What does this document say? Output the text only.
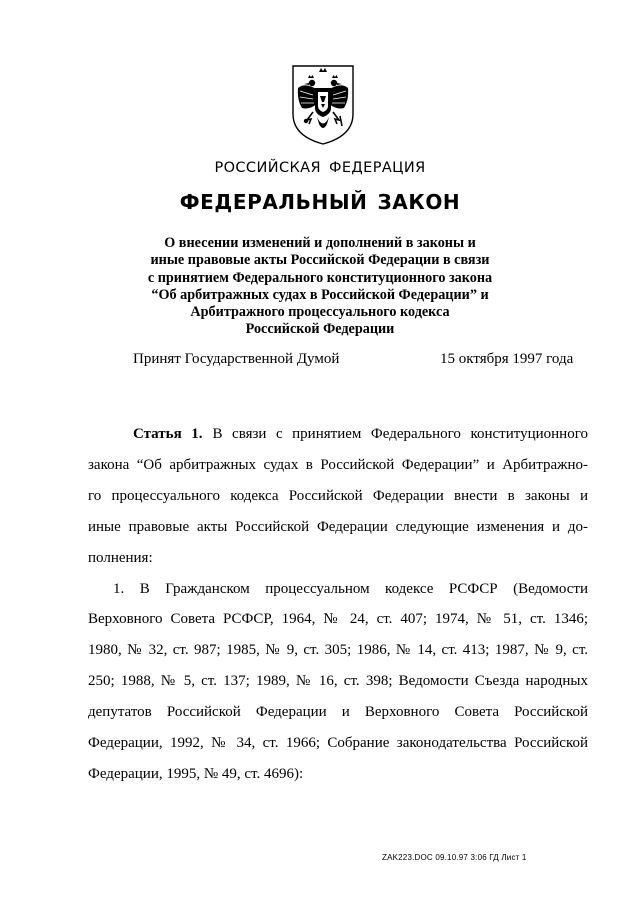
РОССИЙСКАЯ ФЕДЕРАЦИЯ
ФЕДЕРАЛЬНЫЙ ЗАКОН
О внесении изменений и дополнений в законы и
иные правовые акты Российской Федерации в связи
с принятием Федерального конституционного закона
“Об арбитражных судах в Российской Федерации” и
Арбитражного процессуального кодекса
Российской Федерации
Принят Государственной Думой	15 октября 1997 года

Статья 1. В связи с принятием Федерального конституционного
закона “Об арбитражных судах в Российской Федерации” и Арбитражно-
го процессуального кодекса Российской Федерации внести в законы и
иные правовые акты Российской Федерации следующие изменения и до-
полнения:

1. В Гражданском процессуальном кодексе РСФСР (Ведомости
Верховного Совета РСФСР, 1964, № 24, ст. 407; 1974, № 51, ст. 1346;
1980, № 32, ст. 987; 1985, № 9, ст. 305; 1986, № 14, ст. 413; 1987, № 9, ст.
250; 1988, № 5, ст. 137; 1989, № 16, ст. 398; Ведомости Съезда народных
депутатов Российской Федерации и Верховного Совета Российской
Федерации, 1992, № 34, ст. 1966; Собрание законодательства Российской
Федерации, 1995, № 49, ст. 4696):

ZAK223.DOC 09.10.97 3:06 ГД Лист 1
